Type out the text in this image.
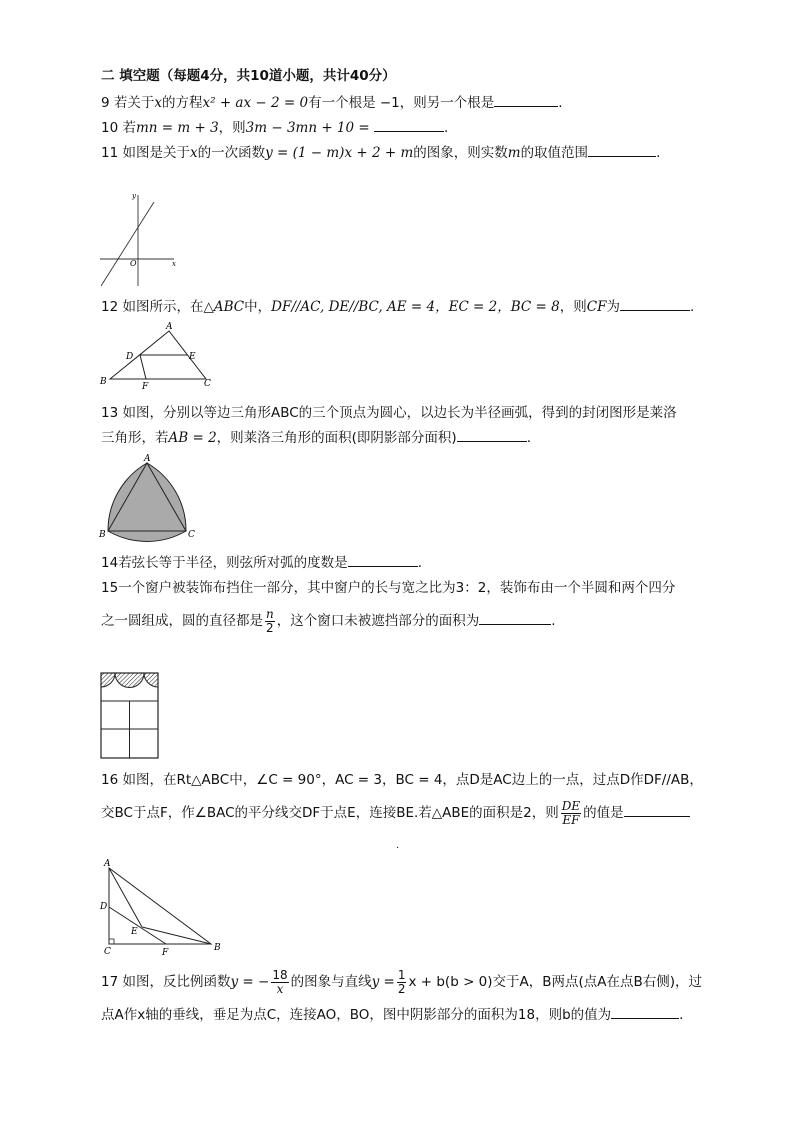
二 填空题（每题4分，共10道小题，共计40分）
9 若关于x的方程x² + ax − 2 = 0有一个根是 −1，则另一个根是	.
10 若mn = m + 3，则3m − 3mn + 10 =	.
11 如图是关于x的一次函数y = (1 − m)x + 2 + m的图象，则实数m的取值范围	.
y
O	x
12 如图所示，在△ABC中，DF//AC, DE//BC, AE = 4，EC = 2，BC = 8，则CF为	.
A
B	C
D	E
F
13 如图，分别以等边三角形ABC的三个顶点为圆心，以边长为半径画弧，得到的封闭图形是莱洛
三角形，若AB = 2，则莱洛三角形的面积(即阴影部分面积)	.
A
B	C
14若弦长等于半径，则弦所对弧的度数是	.
15一个窗户被装饰布挡住一部分，其中窗户的长与宽之比为3：2，装饰布由一个半圆和两个四分
之一圆组成，圆的直径都是 $\frac{n}{2}$ ，这个窗口未被遮挡部分的面积为	.
16 如图，在Rt△ABC中，∠C = 90°，AC = 3，BC = 4，点D是AC边上的一点，过点D作DF//AB，
交BC于点F，作∠BAC的平分线交DF于点E，连接BE.若△ABE的面积是2，则 $\frac{DE}{EF}$ 的值是
.
A
B
C
D
E
F
17 如图，反比例函数y = − $\frac{18}{x}$ 的图象与直线$y = \frac{1}{2}$ x + b(b > 0)交于A，B两点(点A在点B右侧)，过
点A作x轴的垂线，垂足为点C，连接AO，BO，图中阴影部分的面积为18，则b的值为	.
